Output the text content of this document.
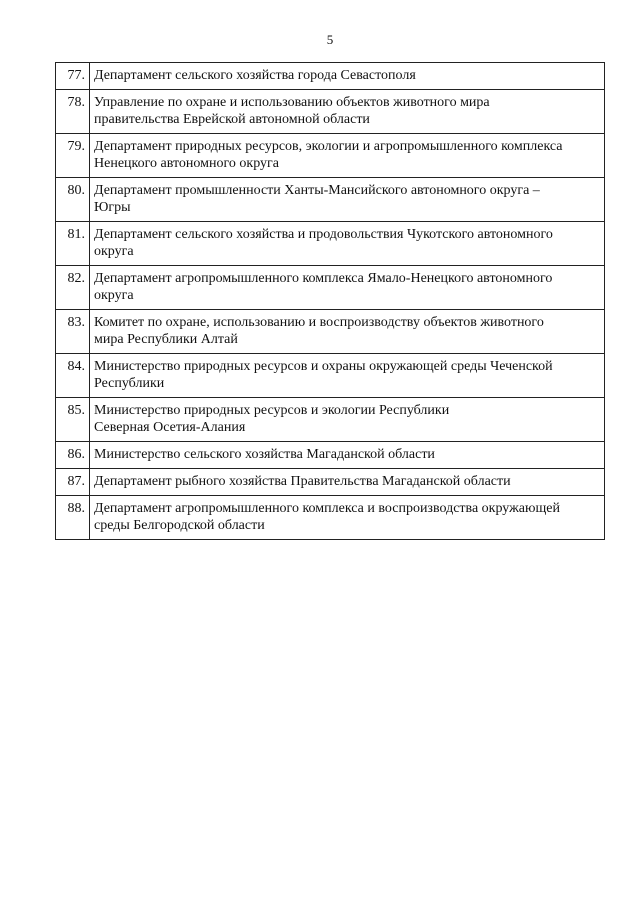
5
77.	Департамент сельского хозяйства города Севастополя

78.	Управление по охране и использованию объектов животного мира
правительства Еврейской автономной области

79.	Департамент природных ресурсов, экологии и агропромышленного комплекса
Ненецкого автономного округа

80.	Департамент промышленности Ханты-Мансийского автономного округа –
Югры

81.	Департамент сельского хозяйства и продовольствия Чукотского автономного
округа

82.	Департамент агропромышленного комплекса Ямало-Ненецкого автономного
округа

83.	Комитет по охране, использованию и воспроизводству объектов животного
мира Республики Алтай

84.	Министерство природных ресурсов и охраны окружающей среды Чеченской
Республики

85.	Министерство природных ресурсов и экологии Республики
Северная Осетия-Алания

86.	Министерство сельского хозяйства Магаданской области

87.	Департамент рыбного хозяйства Правительства Магаданской области

88.	Департамент агропромышленного комплекса и воспроизводства окружающей
среды Белгородской области
